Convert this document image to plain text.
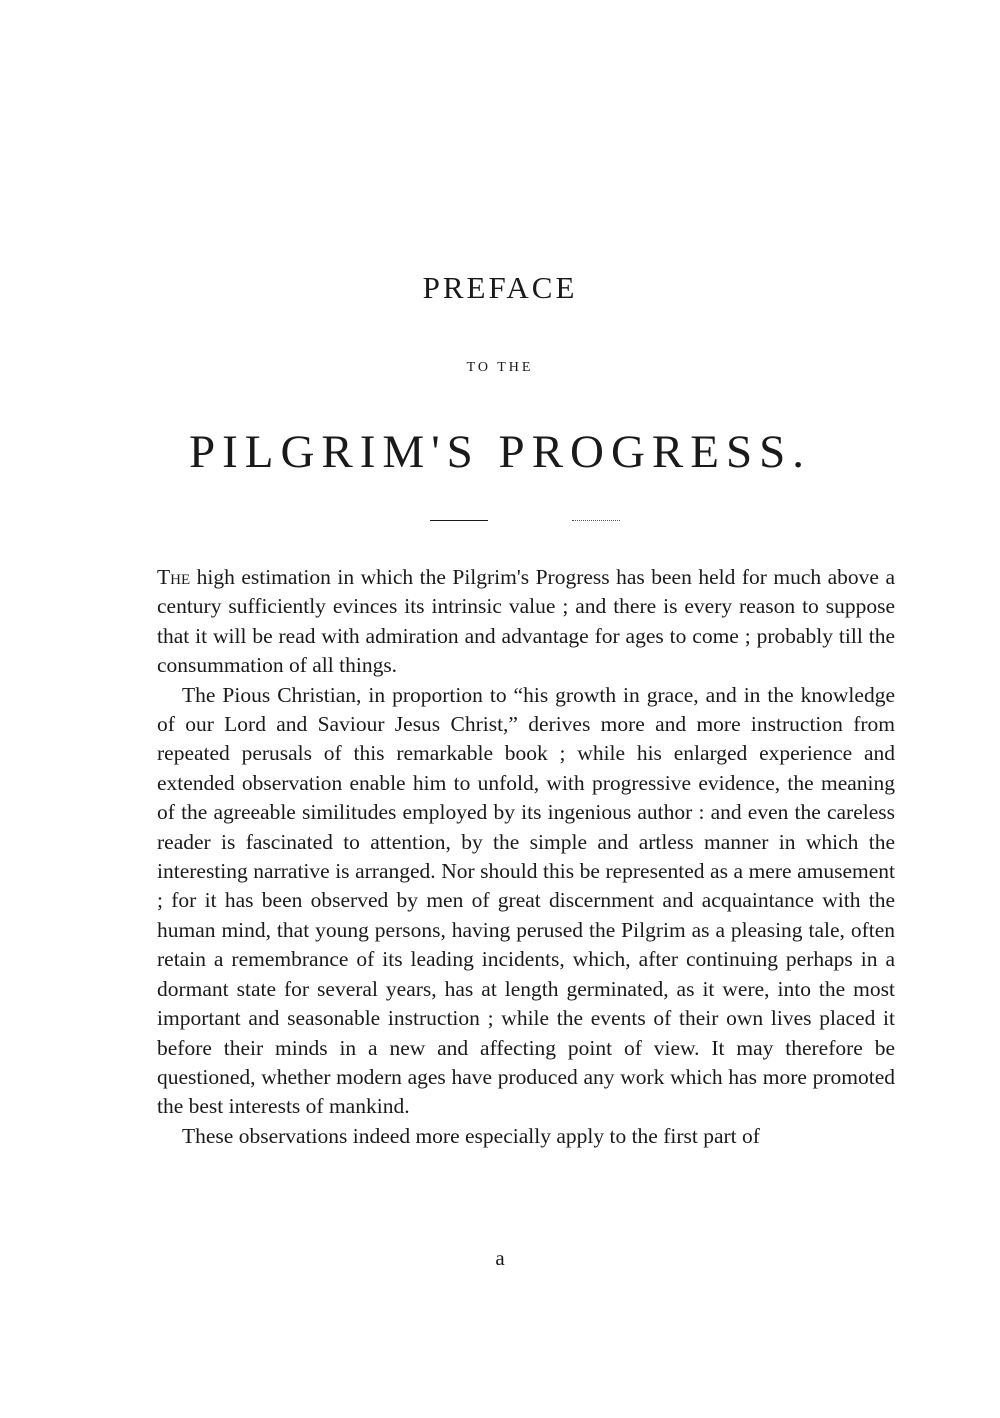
PREFACE
TO THE
PILGRIM'S PROGRESS.

The high estimation in which the Pilgrim's Progress has been held for much above a century sufficiently evinces its intrinsic value ; and there is every reason to suppose that it will be read with admiration and advantage for ages to come ; probably till the consummation of all things.

The Pious Christian, in proportion to “his growth in grace, and in the knowledge of our Lord and Saviour Jesus Christ,” derives more and more instruction from repeated perusals of this remarkable book ; while his enlarged experience and extended observation enable him to unfold, with progressive evidence, the meaning of the agreeable similitudes employed by its ingenious author : and even the careless reader is fascinated to attention, by the simple and artless manner in which the interesting narrative is arranged. Nor should this be represented as a mere amusement ; for it has been observed by men of great discernment and acquaintance with the human mind, that young persons, having perused the Pilgrim as a pleasing tale, often retain a remembrance of its leading incidents, which, after continuing perhaps in a dormant state for several years, has at length germinated, as it were, into the most important and seasonable instruction ; while the events of their own lives placed it before their minds in a new and affecting point of view. It may therefore be questioned, whether modern ages have produced any work which has more promoted the best interests of mankind.

These observations indeed more especially apply to the first part of

a
